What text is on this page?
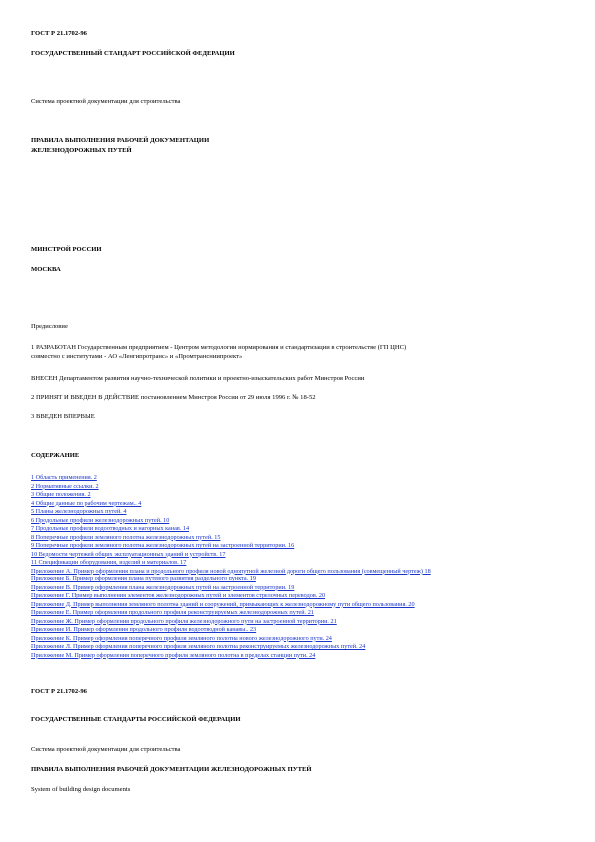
ГОСТ Р 21.1702-96
ГОСУДАРСТВЕННЫЙ СТАНДАРТ РОССИЙСКОЙ ФЕДЕРАЦИИ
Система проектной документации для строительства
ПРАВИЛА ВЫПОЛНЕНИЯ РАБОЧЕЙ ДОКУМЕНТАЦИИ
ЖЕЛЕЗНОДОРОЖНЫХ ПУТЕЙ
МИНСТРОЙ РОССИИ
МОСКВА
Предисловие
1 РАЗРАБОТАН Государственным предприятием - Центром методологии нормирования и стандартизации в строительстве (ГП ЦНС)
совместно с институтами - АО «Ленгипротранс» и «Промтрансниипроект»
ВНЕСЕН Департаментом развития научно-технической политики и проектно-изыскательских работ Минстроя России
2 ПРИНЯТ И ВВЕДЕН В ДЕЙСТВИЕ постановлением Минстроя России от 29 июля 1996 г. № 18-52
3 ВВЕДЕН ВПЕРВЫЕ
СОДЕРЖАНИЕ
1 Область применения. 2
2 Нормативные ссылки. 2
3 Общие положения. 2
4 Общие данные по рабочим чертежам.. 4
5 Планы железнодорожных путей. 4
6 Продольные профили железнодорожных путей. 10
7 Продольные профили водоотводных и нагорных канав. 14
8 Поперечные профили земляного полотна железнодорожных путей. 15
9 Поперечные профили земляного полотна железнодорожных путей на застроенной территории. 16
10 Ведомости чертежей общих эксплуатационных зданий и устройств. 17
11 Спецификации оборудования, изделий и материалов. 17
Приложение А. Пример оформления плана и продольного профиля новой однопутной железной дороги общего пользования (совмещенный чертеж) 18
Приложение Б. Пример оформления плана путевого развития раздельного пункта. 19
Приложение В. Пример оформления плана железнодорожных путей на застроенной территории. 19
Приложение Г. Пример выполнения элементов железнодорожных путей и элементов стрелочных переводов. 20
Приложение Д. Пример выполнения земляного полотна зданий и сооружений, примыкающих к железнодорожному пути общего пользования. 20
Приложение Е. Пример оформления продольного профиля реконструируемых железнодорожных путей. 21
Приложение Ж. Пример оформления продольного профиля железнодорожного пути на застроенной территории. 21
Приложение И. Пример оформления продольного профиля водоотводной канавы.. 23
Приложение К. Пример оформления поперечного профиля земляного полотна нового железнодорожного пути. 24
Приложение Л. Пример оформления поперечного профиля земляного полотна реконструируемых железнодорожных путей. 24
Приложение М. Пример оформления поперечного профиля земляного полотна в пределах станции пути. 24
ГОСТ Р 21.1702-96
ГОСУДАРСТВЕННЫЕ СТАНДАРТЫ РОССИЙСКОЙ ФЕДЕРАЦИИ
Система проектной документации для строительства
ПРАВИЛА ВЫПОЛНЕНИЯ РАБОЧЕЙ ДОКУМЕНТАЦИИ ЖЕЛЕЗНОДОРОЖНЫХ ПУТЕЙ
System of building design documents
